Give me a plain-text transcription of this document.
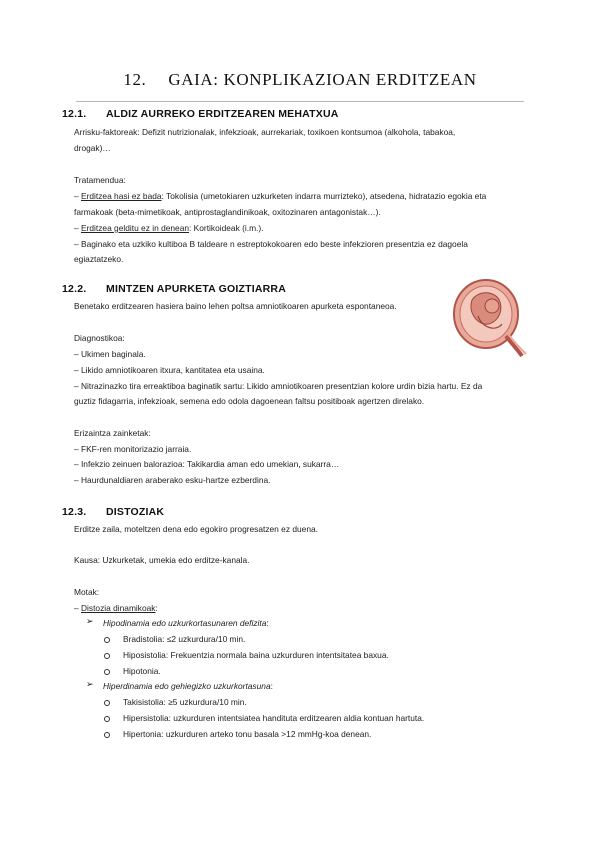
12. GAIA: KONPLIKAZIOAN ERDITZEAN
12.1. ALDIZ AURREKO ERDITZEAREN MEHATXUA
Arrisku-faktoreak: Defizit nutrizionalak, infekzioak, aurrekariak, toxikoen kontsumoa (alkohola, tabakoa,
drogak)…
Tratamendua:
– Erditzea hasi ez bada: Tokolisia (umetokiaren uzkurketen indarra murrizteko), atsedena, hidratazio egokia eta
farmakoak (beta-mimetikoak, antiprostaglandinikoak, oxitozinaren antagonistak…).
– Erditzea gelditu ez in denean: Kortikoideak (i.m.).
– Baginako eta uzkiko kultiboa B taldeare n estreptokokoaren edo beste infekzioren presentzia ez dagoela
egiaztatzeko.
12.2. MINTZEN APURKETA GOIZTIARRA
Benetako erditzearen hasiera baino lehen poltsa amniotikoaren apurketa espontaneoa.
Diagnostikoa:
– Ukimen baginala.
– Likido amniotikoaren itxura, kantitatea eta usaina.
– Nitrazinazko tira erreaktiboa baginatik sartu: Likido amniotikoaren presentzian kolore urdin bizia hartu. Ez da
guztiz fidagarria, infekzioak, semena edo odola dagoenean faltsu positiboak agertzen direlako.
Erizaintza zainketak:
– FKF-ren monitorizazio jarraia.
– Infekzio zeinuen balorazioa: Takikardia aman edo umekian, sukarra…
– Haurdunaldiaren araberako esku-hartze ezberdina.
12.3. DISTOZIAK
Erditze zaila, moteltzen dena edo egokiro progresatzen ez duena.
Kausa: Uzkurketak, umekia edo erditze-kanala.
Motak:
– Distozia dinamikoak:
➢ Hipodinamia edo uzkurkortasunaren defizita:
Bradistolia: ≤2 uzkurdura/10 min.
Hiposistolia: Frekuentzia normala baina uzkurduren intentsitatea baxua.
Hipotonia.
➢ Hiperdinamia edo gehiegizko uzkurkortasuna:
Takisistolia: ≥5 uzkurdura/10 min.
Hipersistolia: uzkurduren intentsiatea handituta erditzearen aldia kontuan hartuta.
Hipertonia: uzkurduren arteko tonu basala >12 mmHg-koa denean.
